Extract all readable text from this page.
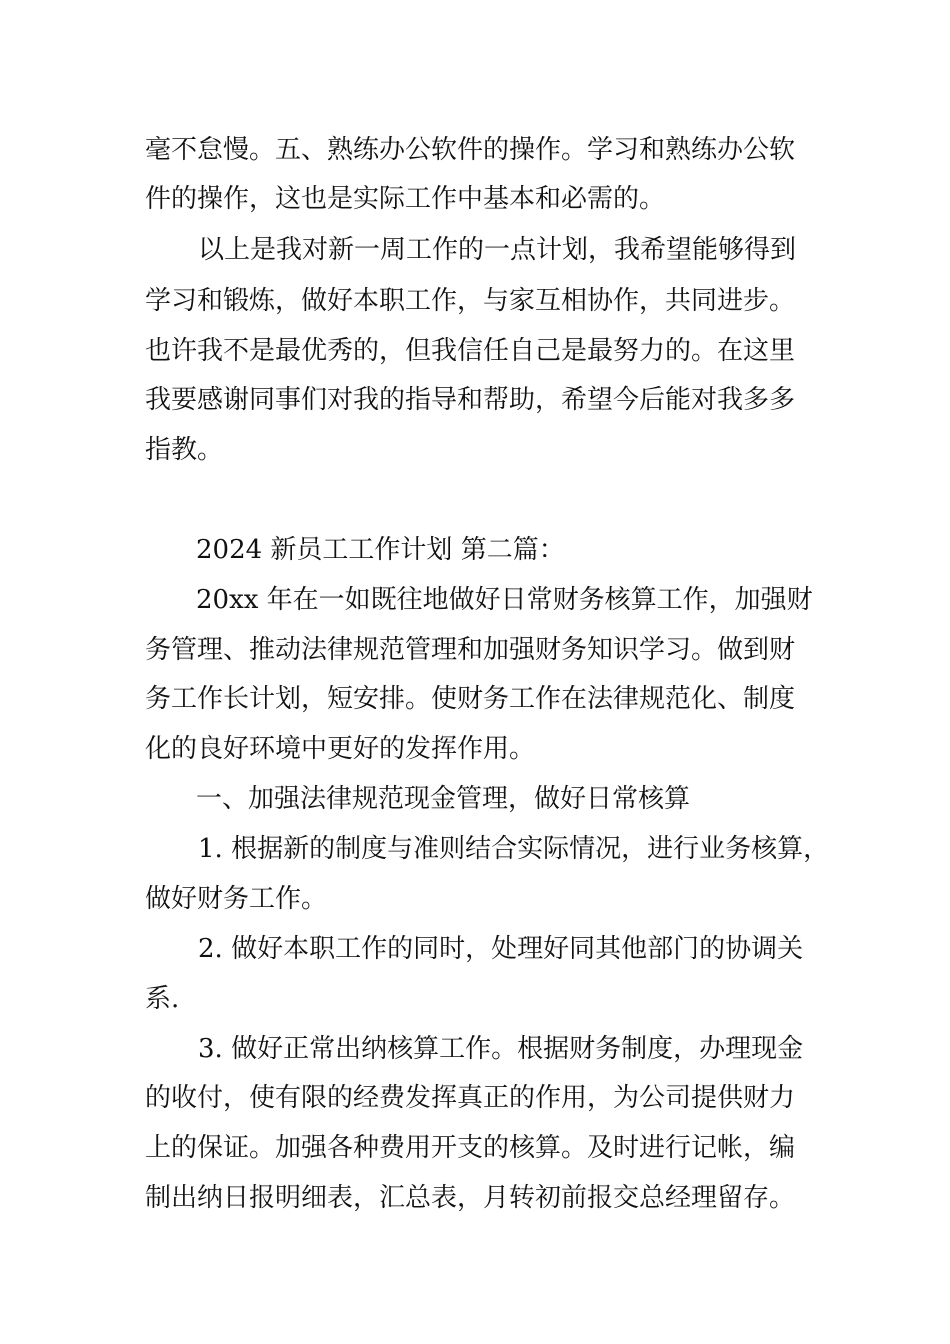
毫不怠慢。五、熟练办公软件的操作。学习和熟练办公软
件的操作，这也是实际工作中基本和必需的。
以上是我对新一周工作的一点计划，我希望能够得到
学习和锻炼，做好本职工作，与家互相协作，共同进步。
也许我不是最优秀的，但我信任自己是最努力的。在这里
我要感谢同事们对我的指导和帮助，希望今后能对我多多
指教。
2024 新员工工作计划 第二篇：
20xx 年在一如既往地做好日常财务核算工作，加强财
务管理、推动法律规范管理和加强财务知识学习。做到财
务工作长计划，短安排。使财务工作在法律规范化、制度
化的良好环境中更好的发挥作用。
一、加强法律规范现金管理，做好日常核算
1. 根据新的制度与准则结合实际情况，进行业务核算，
做好财务工作。
2. 做好本职工作的同时，处理好同其他部门的协调关
系.
3. 做好正常出纳核算工作。根据财务制度，办理现金
的收付，使有限的经费发挥真正的作用，为公司提供财力
上的保证。加强各种费用开支的核算。及时进行记帐，编
制出纳日报明细表，汇总表，月转初前报交总经理留存。
